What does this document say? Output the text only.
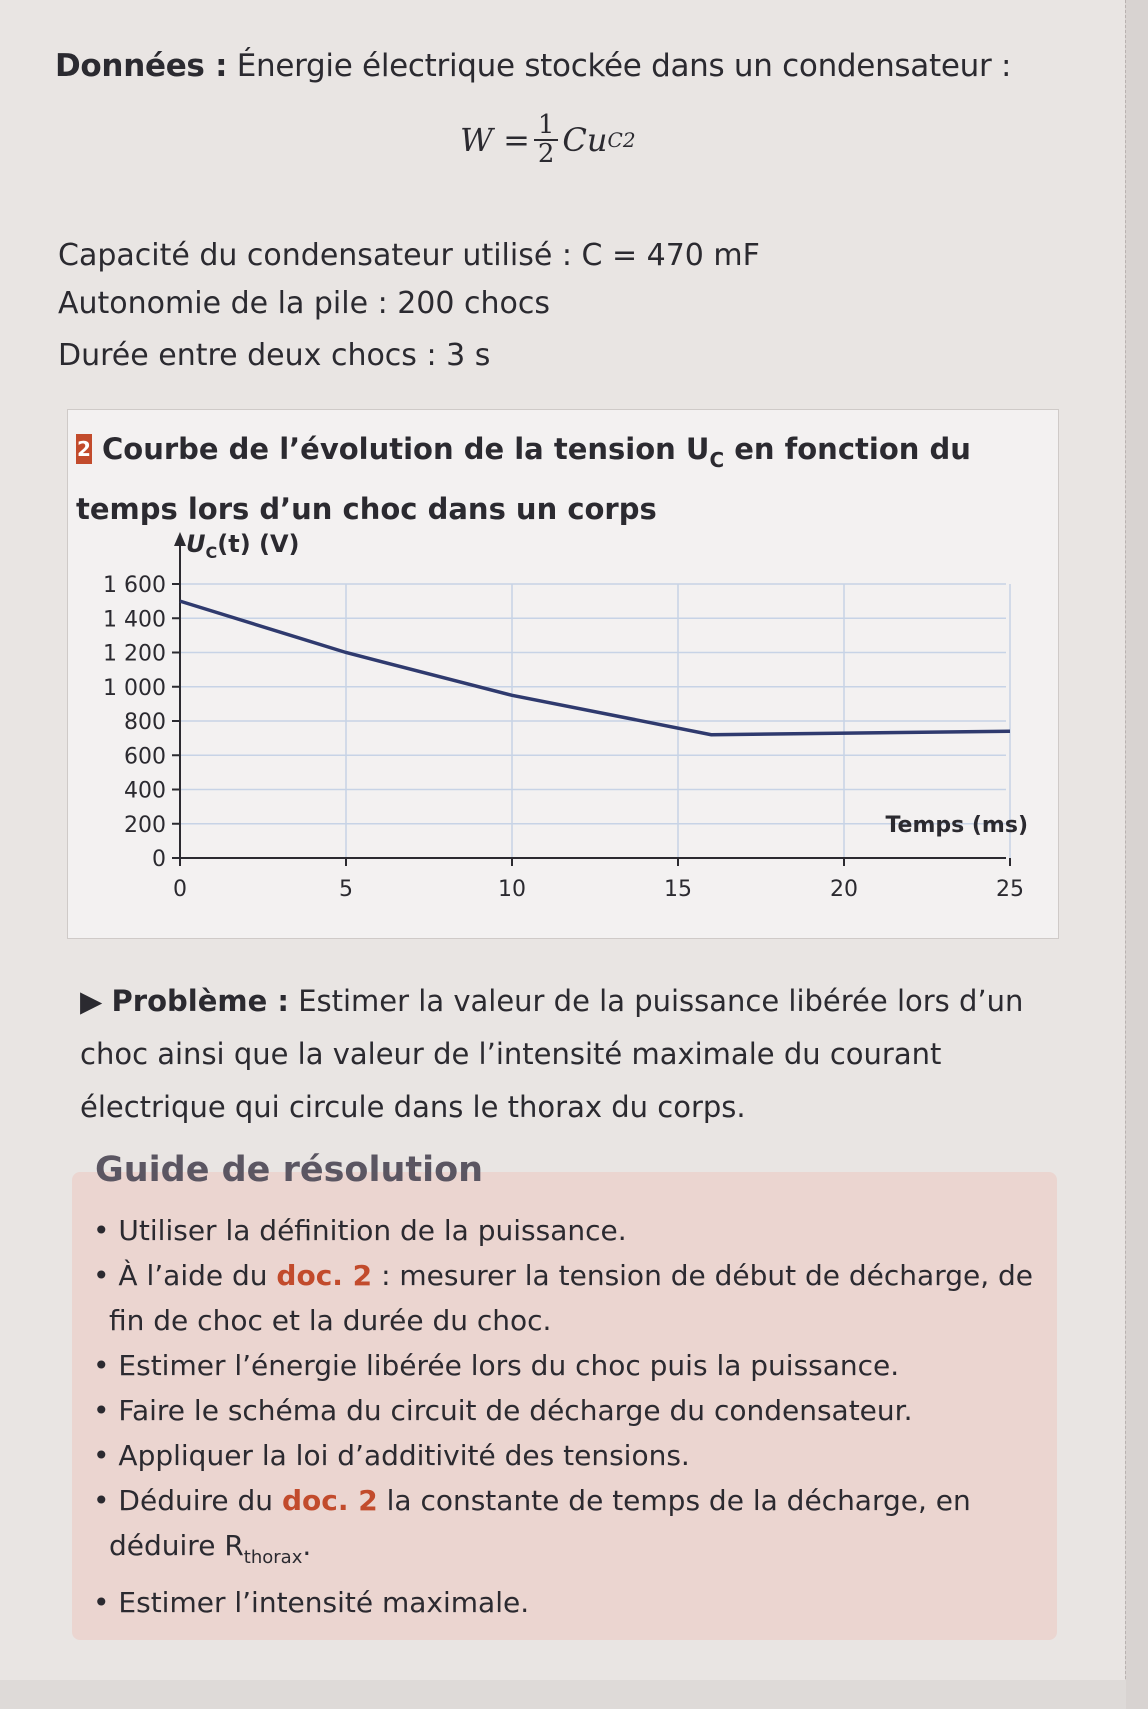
Données : Énergie électrique stockée dans un condensateur :
$W = \frac{1}{2}$ Cu C 2
Capacité du condensateur utilisé : C = 470 mF
Autonomie de la pile : 200 chocs
Durée entre deux chocs : 3 s
2 Courbe de l’évolution de la tension $U_C$ en fonction du temps lors d’un choc dans un corps
0
200
400
600
800
1 000
1 200
1 400
1 600
0	5	10	15	20	25
$U_C(t)$ (V)
Temps (ms)
▶ Problème : Estimer la valeur de la puissance libérée lors d’un choc ainsi que la valeur de l’intensité maximale du courant électrique qui circule dans le thorax du corps.
Guide de résolution
• Utiliser la définition de la puissance.
• À l’aide du doc. 2 : mesurer la tension de début de décharge, de fin de choc et la durée du choc.
• Estimer l’énergie libérée lors du choc puis la puissance.
• Faire le schéma du circuit de décharge du condensateur.
• Appliquer la loi d’additivité des tensions.
• Déduire du doc. 2 la constante de temps de la décharge, en déduire $R_{thorax}$.
• Estimer l’intensité maximale.
